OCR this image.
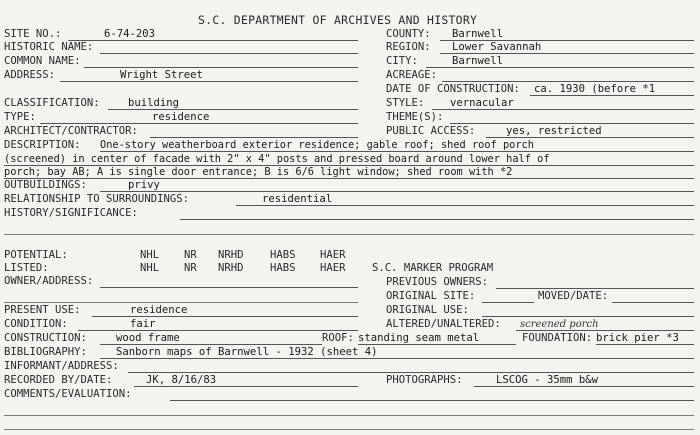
S.C. DEPARTMENT OF ARCHIVES AND HISTORY
SITE NO.:	6-74-203	COUNTY: Barnwell
HISTORIC NAME:	REGION: Lower Savannah
COMMON NAME:	CITY:	Barnwell
ADDRESS:	Wright Street	ACREAGE:
DATE OF CONSTRUCTION: ca. 1930 (before *1
CLASSIFICATION:	building	STYLE: vernacular
TYPE:	residence	THEME(S):
ARCHITECT/CONTRACTOR:	PUBLIC ACCESS:	yes, restricted
DESCRIPTION: One-story weatherboard exterior residence; gable roof; shed roof porch
(screened) in center of facade with 2" x 4" posts and pressed board around lower half of
porch; bay AB; A is single door entrance; B is 6/6 light window; shed room with *2
OUTBUILDINGS:	privy
RELATIONSHIP TO SURROUNDINGS:	residential
HISTORY/SIGNIFICANCE:
POTENTIAL:	NHL NR NRHD HABS HAER
LISTED:	NHL NR NRHD HABS HAER S.C. MARKER PROGRAM
OWNER/ADDRESS:	PREVIOUS OWNERS:
ORIGINAL SITE:	MOVED/DATE:
PRESENT USE:	residence	ORIGINAL USE:
CONDITION:	fair	ALTERED/UNALTERED: screened porch
CONSTRUCTION:	wood frame	ROOF: standing seam metal	FOUNDATION: brick pier *3
BIBLIOGRAPHY:	Sanborn maps of Barnwell - 1932 (sheet 4)
INFORMANT/ADDRESS:
RECORDED BY/DATE:	JK, 8/16/83	PHOTOGRAPHS:	LSCOG - 35mm b&w
COMMENTS/EVALUATION:
